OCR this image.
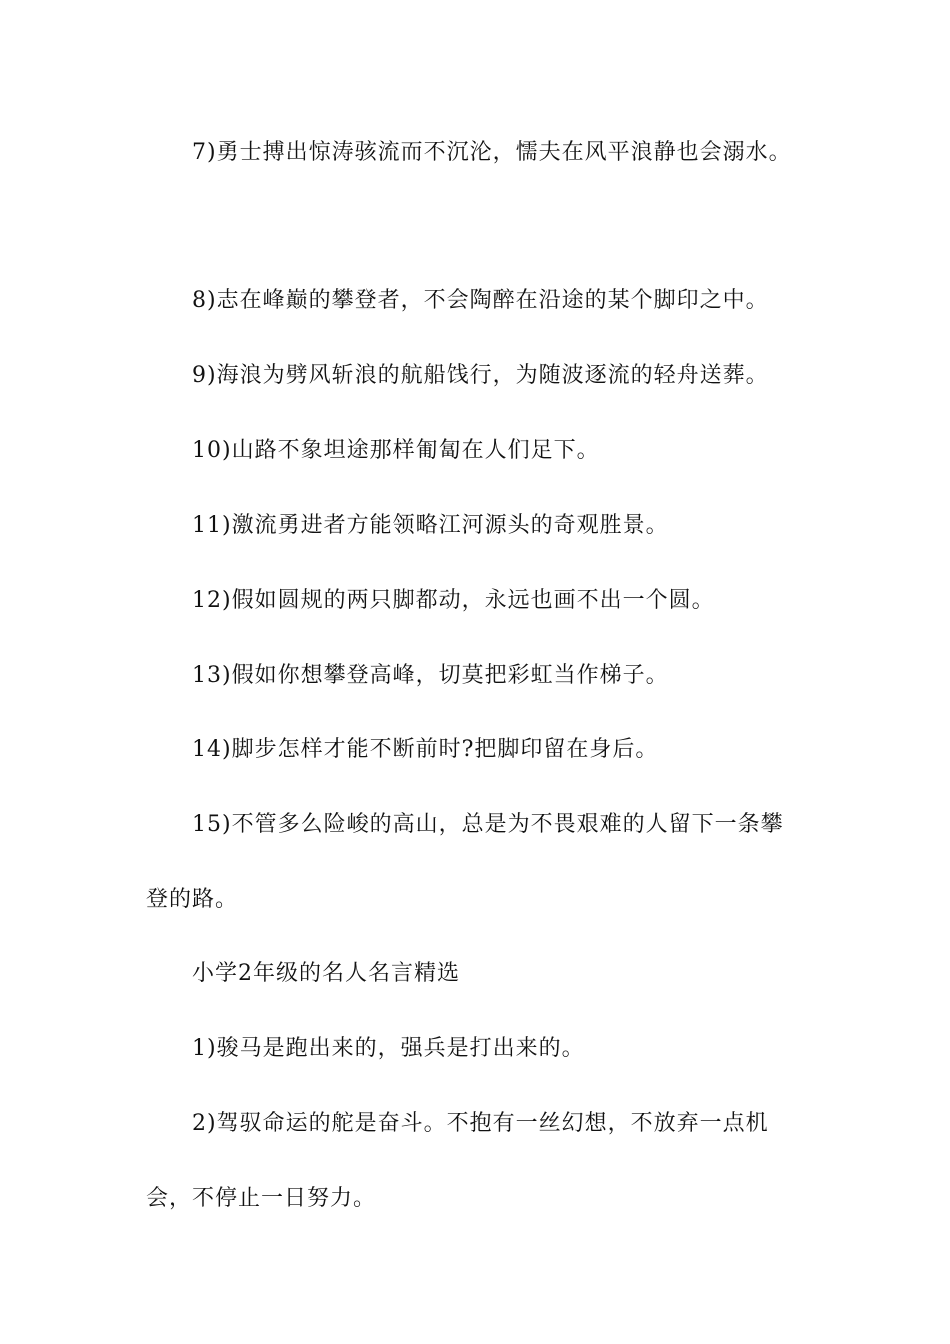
7)勇士搏出惊涛骇流而不沉沦，懦夫在风平浪静也会溺水。
8)志在峰巅的攀登者，不会陶醉在沿途的某个脚印之中。
9)海浪为劈风斩浪的航船饯行，为随波逐流的轻舟送葬。
10)山路不象坦途那样匍匐在人们足下。
11)激流勇进者方能领略江河源头的奇观胜景。
12)假如圆规的两只脚都动，永远也画不出一个圆。
13)假如你想攀登高峰，切莫把彩虹当作梯子。
14)脚步怎样才能不断前时?把脚印留在身后。
15)不管多么险峻的高山，总是为不畏艰难的人留下一条攀
登的路。
小学2年级的名人名言精选
1)骏马是跑出来的，强兵是打出来的。
2)驾驭命运的舵是奋斗。不抱有一丝幻想，不放弃一点机
会，不停止一日努力。
